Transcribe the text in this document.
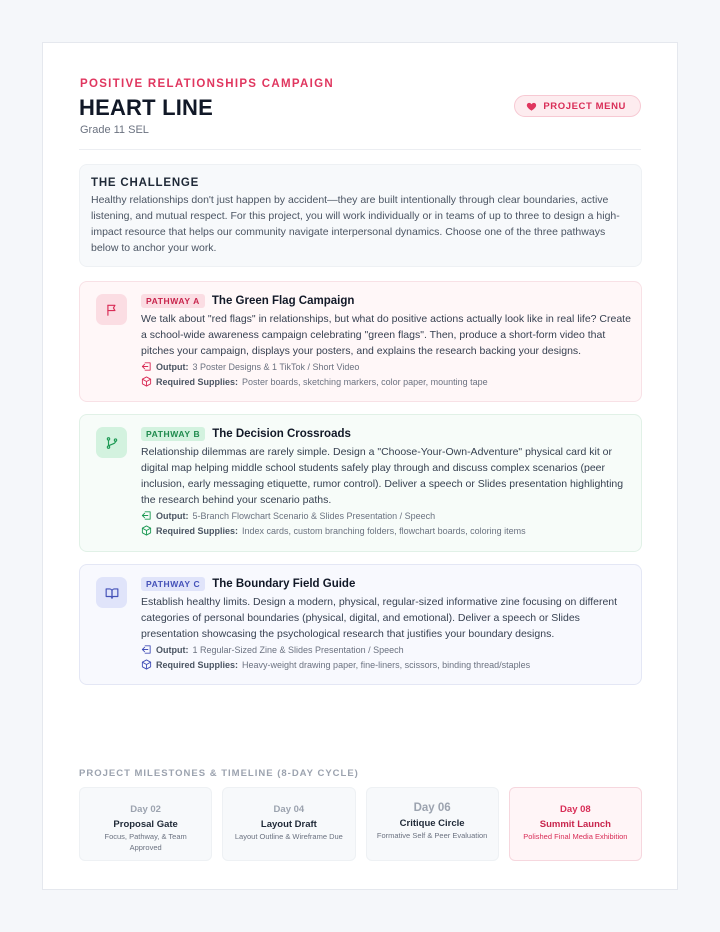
POSITIVE RELATIONSHIPS CAMPAIGN
HEART LINE
Grade 11 SEL
PROJECT MENU
THE CHALLENGE
Healthy relationships don't just happen by accident—they are built intentionally through clear boundaries, active listening, and mutual respect. For this project, you will work individually or in teams of up to three to design a high-impact resource that helps our community navigate interpersonal dynamics. Choose one of the three pathways below to anchor your work.
PATHWAY A	The Green Flag Campaign
We talk about "red flags" in relationships, but what do positive actions actually look like in real life? Create a school-wide awareness campaign celebrating "green flags". Then, produce a short-form video that pitches your campaign, displays your posters, and explains the research backing your designs.
Output: 3 Poster Designs & 1 TikTok / Short Video
Required Supplies: Poster boards, sketching markers, color paper, mounting tape
PATHWAY B	The Decision Crossroads
Relationship dilemmas are rarely simple. Design a "Choose-Your-Own-Adventure" physical card kit or digital map helping middle school students safely play through and discuss complex scenarios (peer inclusion, early messaging etiquette, rumor control). Deliver a speech or Slides presentation highlighting the research behind your scenario paths.
Output: 5-Branch Flowchart Scenario & Slides Presentation / Speech
Required Supplies: Index cards, custom branching folders, flowchart boards, coloring items
PATHWAY C	The Boundary Field Guide
Establish healthy limits. Design a modern, physical, regular-sized informative zine focusing on different categories of personal boundaries (physical, digital, and emotional). Deliver a speech or Slides presentation showcasing the psychological research that justifies your boundary designs.
Output: 1 Regular-Sized Zine & Slides Presentation / Speech
Required Supplies: Heavy-weight drawing paper, fine-liners, scissors, binding thread/staples
PROJECT MILESTONES & TIMELINE (8-DAY CYCLE)
Day 02
Proposal Gate
Focus, Pathway, & Team Approved
Day 04
Layout Draft
Layout Outline & Wireframe Due
Day 06
Critique Circle
Formative Self & Peer Evaluation
Day 08
Summit Launch
Polished Final Media Exhibition
